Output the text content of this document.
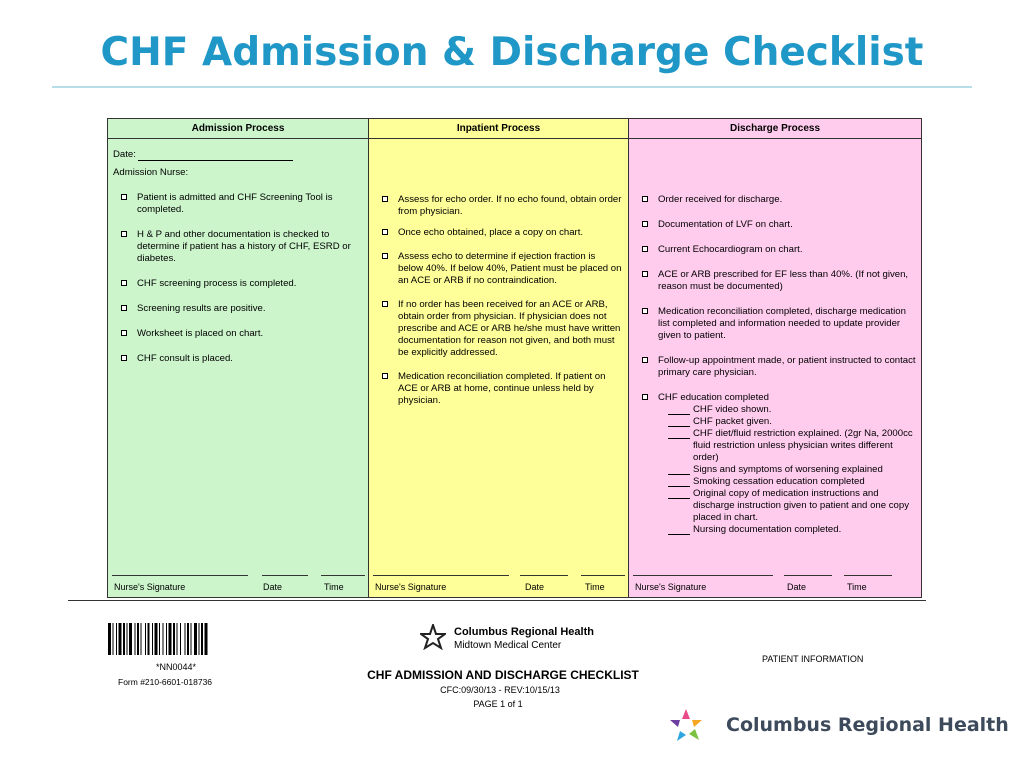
CHF Admission & Discharge Checklist
Admission Process
Date:
Admission Nurse:
Patient is admitted and CHF Screening Tool is completed.
H & P and other documentation is checked to determine if patient has a history of CHF, ESRD or diabetes.
CHF screening process is completed.
Screening results are positive.
Worksheet is placed on chart.
CHF consult is placed.
Nurse's Signature	Date	Time
Inpatient Process
Assess for echo order. If no echo found, obtain order from physician.
Once echo obtained, place a copy on chart.
Assess echo to determine if ejection fraction is below 40%. If below 40%, Patient must be placed on an ACE or ARB if no contraindication.
If no order has been received for an ACE or ARB, obtain order from physician. If physician does not prescribe and ACE or ARB he/she must have written documentation for reason not given, and both must be explicitly addressed.
Medication reconciliation completed. If patient on ACE or ARB at home, continue unless held by physician.
Nurse's Signature	Date	Time
Discharge Process
Order received for discharge.
Documentation of LVF on chart.
Current Echocardiogram on chart.
ACE or ARB prescribed for EF less than 40%. (If not given, reason must be documented)
Medication reconciliation completed, discharge medication list completed and information needed to update provider given to patient.
Follow-up appointment made, or patient instructed to contact primary care physician.
CHF education completed
CHF video shown.
CHF packet given.
CHF diet/fluid restriction explained. (2gr Na, 2000cc fluid restriction unless physician writes different order)
Signs and symptoms of worsening explained
Smoking cessation education completed
Original copy of medication instructions and discharge instruction given to patient and one copy placed in chart.
Nursing documentation completed.
Nurse's Signature	Date	Time
*NN0044*
Form #210-6601-018736
Columbus Regional Health
Midtown Medical Center
PATIENT INFORMATION
CHF ADMISSION AND DISCHARGE CHECKLIST
CFC:09/30/13 - REV:10/15/13
PAGE 1 of 1
Columbus Regional Health
